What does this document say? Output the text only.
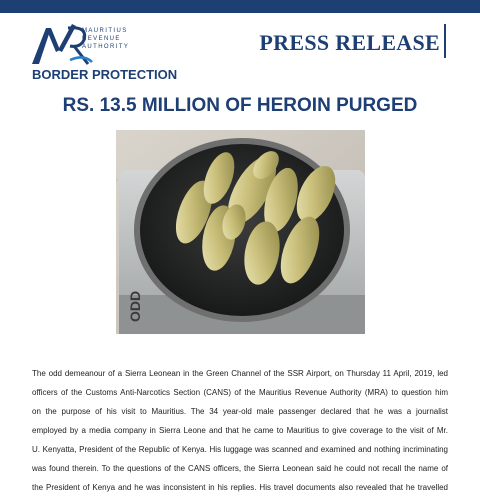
MAURITIUS
REVENUE
AUTHORITY	PRESS RELEASE
BORDER PROTECTION
RS. 13.5 MILLION OF HEROIN PURGED
ODD
The odd demeanour of a Sierra Leonean in the Green Channel of the SSR Airport, on Thursday 11 April, 2019, led
officers of the Customs Anti-Narcotics Section (CANS) of the Mauritius Revenue Authority (MRA) to question him
on the purpose of his visit to Mauritius. The 34 year-old male passenger declared that he was a journalist
employed by a media company in Sierra Leone and that he came to Mauritius to give coverage to the visit of Mr.
U. Kenyatta, President of the Republic of Kenya. His luggage was scanned and examined and nothing incriminating
was found therein. To the questions of the CANS officers, the Sierra Leonean said he could not recall the name of
the President of Kenya and he was inconsistent in his replies. His travel documents also revealed that he travelled
